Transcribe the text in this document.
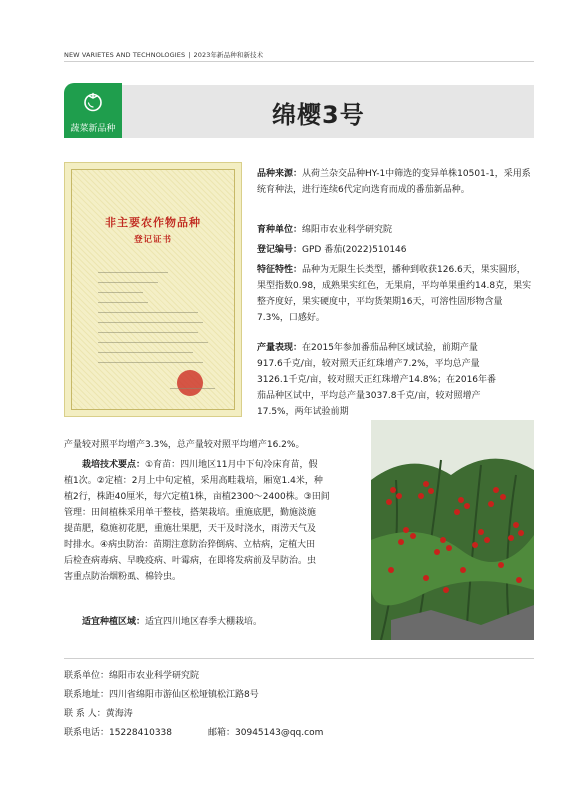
NEW VARIETES AND TECHNOLOGIES | 2023年新品种和新技术
蔬菜新品种	绵樱3号
非主要农作物品种
登记证书

品种来源：从荷兰杂交品种HY-1中筛选的变异单株10501-1，采用系统育种法，进行连续6代定向选育而成的番茄新品种。

育种单位：绵阳市农业科学研究院

登记编号：GPD 番茄(2022)510146

特征特性：品种为无限生长类型，播种到收获126.6天，果实圆形，果型指数0.98，成熟果实红色，无果肩，平均单果重约14.8克，果实整齐度好，果实硬度中，平均货架期16天，可溶性固形物含量7.3%，口感好。

产量表现：在2015年参加番茄品种区域试验，前期产量
917.6千克/亩，较对照天正红珠增产7.2%，平均总产量
3126.1千克/亩，较对照天正红珠增产14.8%；在2016年番
茄品种区试中，平均总产量3037.8千克/亩，较对照增产
17.5%，两年试验前期
产量较对照平均增产3.3%，总产量较对照平均增产16.2%。
栽培技术要点：①育苗：四川地区11月中下旬冷床育苗，假
植1次。②定植：2月上中旬定植，采用高畦栽培，厢宽1.4米，种
植2行，株距40厘米，每穴定植1株，亩植2300～2400株。③田间
管理：田间植株采用单干整枝，搭架栽培。重施底肥，勤施淡施
提苗肥，稳施初花肥，重施壮果肥，天干及时浇水，雨涝天气及
时排水。④病虫防治：苗期注意防治猝倒病、立枯病，定植大田
后检查病毒病、早晚疫病、叶霉病，在即将发病前及早防治。虫
害重点防治烟粉虱、棉铃虫。

适宜种植区域：适宜四川地区春季大棚栽培。

联系单位：绵阳市农业科学研究院
联系地址：四川省绵阳市游仙区松垭镇松江路8号
联 系 人：黄海涛
联系电话：15228410338	邮箱：30945143@qq.com
